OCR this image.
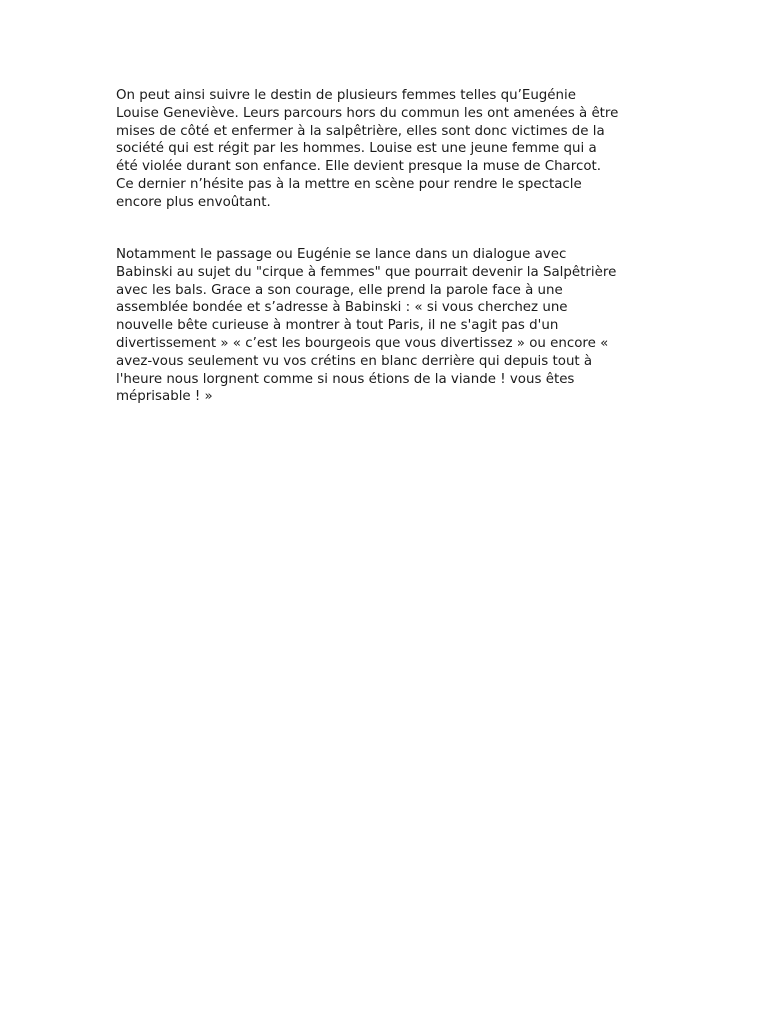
On peut ainsi suivre le destin de plusieurs femmes telles qu’Eugénie
Louise Geneviève. Leurs parcours hors du commun les ont amenées à être
mises de côté et enfermer à la salpêtrière, elles sont donc victimes de la
société qui est régit par les hommes. Louise est une jeune femme qui a
été violée durant son enfance. Elle devient presque la muse de Charcot.
Ce dernier n’hésite pas à la mettre en scène pour rendre le spectacle
encore plus envoûtant.
Notamment le passage ou Eugénie se lance dans un dialogue avec
Babinski au sujet du "cirque à femmes" que pourrait devenir la Salpêtrière
avec les bals. Grace a son courage, elle prend la parole face à une
assemblée bondée et s’adresse à Babinski : « si vous cherchez une
nouvelle bête curieuse à montrer à tout Paris, il ne s'agit pas d'un
divertissement » « c’est les bourgeois que vous divertissez » ou encore «
avez-vous seulement vu vos crétins en blanc derrière qui depuis tout à
l'heure nous lorgnent comme si nous étions de la viande ! vous êtes
méprisable ! »
